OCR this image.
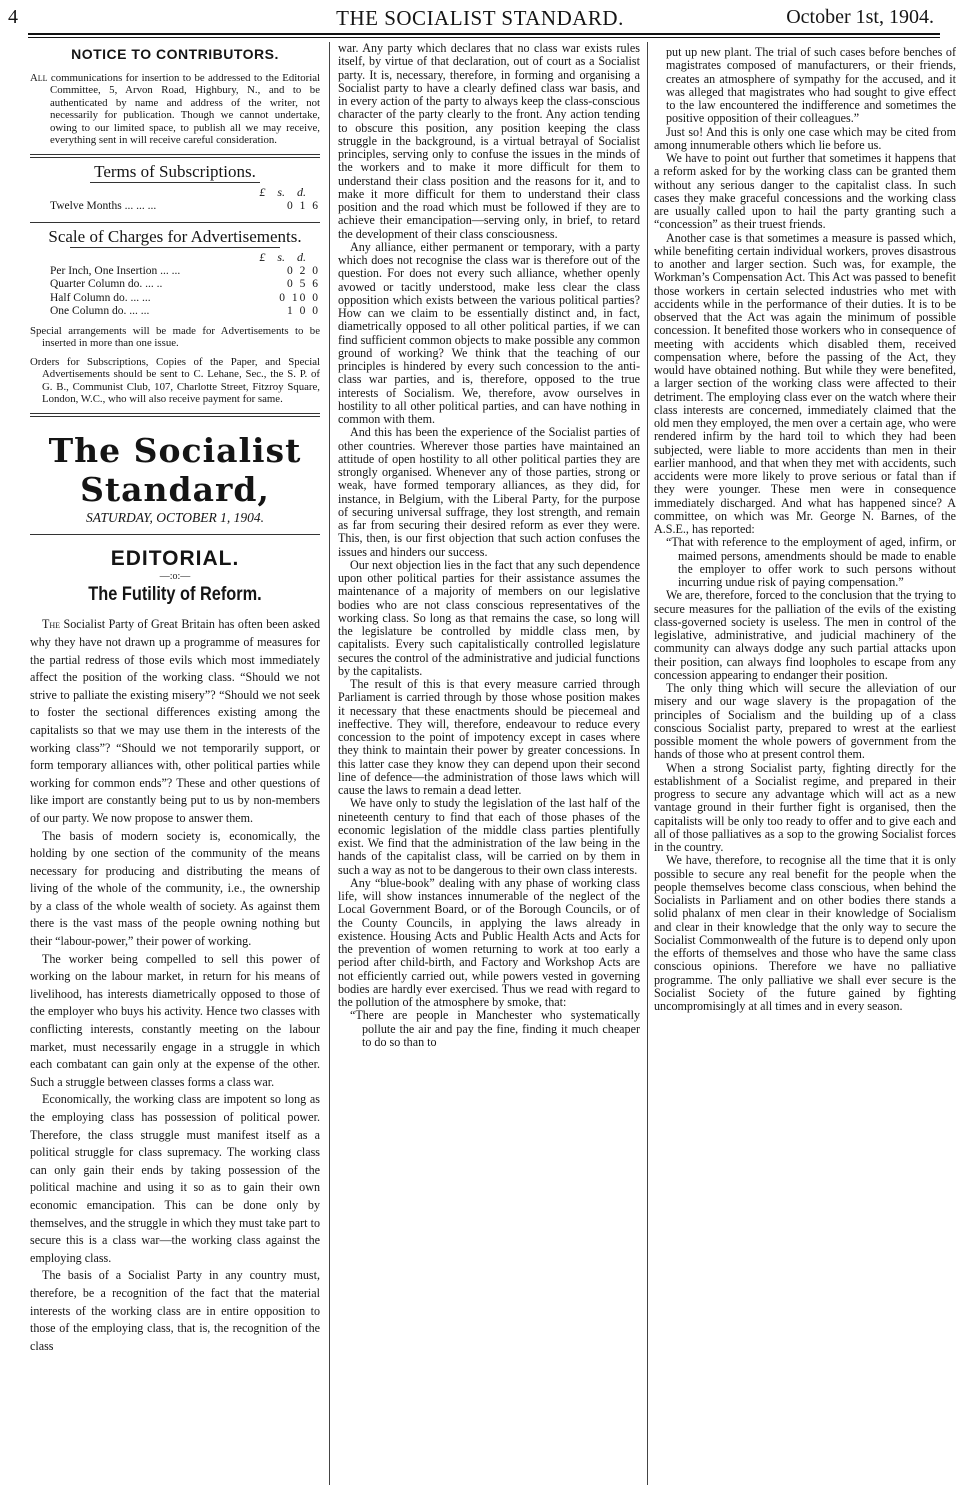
4	THE SOCIALIST STANDARD.	October 1st, 1904.
NOTICE TO CONTRIBUTORS.

All communications for insertion to be addressed to the Editorial Committee, 5, Arvon Road, Highbury, N., and to be authenticated by name and address of the writer, not necessarily for publication. Though we cannot undertake, owing to our limited space, to publish all we may receive, everything sent in will receive careful consideration.

Terms of Subscriptions.
£ s. d.
Twelve Months ... ... ...	0 1 6
Scale of Charges for Advertisements.
£ s. d.
Per Inch, One Insertion ... ...	0 2 0
Quarter Column do. ... ..	0 5 6
Half Column do. ... ...	0 10 0
One Column do. ... ...	1 0 0

Special arrangements will be made for Advertisements to be inserted in more than one issue.

Orders for Subscriptions, Copies of the Paper, and Special Advertisements should be sent to C. Lehane, Sec., the S. P. of G. B., Communist Club, 107, Charlotte Street, Fitzroy Square, London, W.C., who will also receive payment for same.

The Socialist Standard,
SATURDAY, OCTOBER 1, 1904.
EDITORIAL.
—:o:—
The Futility of Reform.

The Socialist Party of Great Britain has often been asked why they have not drawn up a programme of measures for the partial redress of those evils which most immediately affect the position of the working class. “Should we not strive to palliate the existing misery”? “Should we not seek to foster the sectional differences existing among the capitalists so that we may use them in the interests of the working class”? “Should we not temporarily support, or form temporary alliances with, other political parties while working for common ends”? These and other questions of like import are constantly being put to us by non-members of our party. We now propose to answer them.

The basis of modern society is, economically, the holding by one section of the community of the means necessary for producing and distributing the means of living of the whole of the community, i.e., the ownership by a class of the whole wealth of society. As against them there is the vast mass of the people owning nothing but their “labour-power,” their power of working.

The worker being compelled to sell this power of working on the labour market, in return for his means of livelihood, has interests diametrically opposed to those of the employer who buys his activity. Hence two classes with conflicting interests, constantly meeting on the labour market, must necessarily engage in a struggle in which each combatant can gain only at the expense of the other. Such a struggle between classes forms a class war.

Economically, the working class are impotent so long as the employing class has possession of political power. Therefore, the class struggle must manifest itself as a political struggle for class supremacy. The working class can only gain their ends by taking possession of the political machine and using it so as to gain their own economic emancipation. This can be done only by themselves, and the struggle in which they must take part to secure this is a class war—the working class against the employing class.

The basis of a Socialist Party in any country must, therefore, be a recognition of the fact that the material interests of the working class are in entire opposition to those of the employing class, that is, the recognition of the class

war. Any party which declares that no class war exists rules itself, by virtue of that declaration, out of court as a Socialist party. It is, necessary, therefore, in forming and organising a Socialist party to have a clearly defined class war basis, and in every action of the party to always keep the class-conscious character of the party clearly to the front. Any action tending to obscure this position, any position keeping the class struggle in the background, is a virtual betrayal of Socialist principles, serving only to confuse the issues in the minds of the workers and to make it more difficult for them to understand their class position and the reasons for it, and to make it more difficult for them to understand their class position and the road which must be followed if they are to achieve their emancipation—serving only, in brief, to retard the development of their class consciousness.

Any alliance, either permanent or temporary, with a party which does not recognise the class war is therefore out of the question. For does not every such alliance, whether openly avowed or tacitly understood, make less clear the class opposition which exists between the various political parties? How can we claim to be essentially distinct and, in fact, diametrically opposed to all other political parties, if we can find sufficient common objects to make possible any common ground of working? We think that the teaching of our principles is hindered by every such concession to the anti-class war parties, and is, therefore, opposed to the true interests of Socialism. We, therefore, avow ourselves in hostility to all other political parties, and can have nothing in common with them.

And this has been the experience of the Socialist parties of other countries. Wherever those parties have maintained an attitude of open hostility to all other political parties they are strongly organised. Whenever any of those parties, strong or weak, have formed temporary alliances, as they did, for instance, in Belgium, with the Liberal Party, for the purpose of securing universal suffrage, they lost strength, and remain as far from securing their desired reform as ever they were. This, then, is our first objection that such action confuses the issues and hinders our success.

Our next objection lies in the fact that any such dependence upon other political parties for their assistance assumes the maintenance of a majority of members on our legislative bodies who are not class conscious representatives of the working class. So long as that remains the case, so long will the legislature be controlled by middle class men, by capitalists. Every such capitalistically controlled legislature secures the control of the administrative and judicial functions by the capitalists.

The result of this is that every measure carried through Parliament is carried through by those whose position makes it necessary that these enactments should be piecemeal and ineffective. They will, therefore, endeavour to reduce every concession to the point of impotency except in cases where they think to maintain their power by greater concessions. In this latter case they know they can depend upon their second line of defence—the administration of those laws which will cause the laws to remain a dead letter.

We have only to study the legislation of the last half of the nineteenth century to find that each of those phases of the economic legislation of the middle class parties plentifully exist. We find that the administration of the law being in the hands of the capitalist class, will be carried on by them in such a way as not to be dangerous to their own class interests.

Any “blue-book” dealing with any phase of working class life, will show instances innumerable of the neglect of the Local Government Board, or of the Borough Councils, or of the County Councils, in applying the laws already in existence. Housing Acts and Public Health Acts and Acts for the prevention of women returning to work at too early a period after child-birth, and Factory and Workshop Acts are not efficiently carried out, while powers vested in governing bodies are hardly ever exercised. Thus we read with regard to the pollution of the atmosphere by smoke, that:

“There are people in Manchester who systematically pollute the air and pay the fine, finding it much cheaper to do so than to

put up new plant. The trial of such cases before benches of magistrates composed of manufacturers, or their friends, creates an atmosphere of sympathy for the accused, and it was alleged that magistrates who had sought to give effect to the law encountered the indifference and sometimes the positive opposition of their colleagues.”

Just so! And this is only one case which may be cited from among innumerable others which lie before us.

We have to point out further that sometimes it happens that a reform asked for by the working class can be granted them without any serious danger to the capitalist class. In such cases they make graceful concessions and the working class are usually called upon to hail the party granting such a “concession” as their truest friends.

Another case is that sometimes a measure is passed which, while benefiting certain individual workers, proves disastrous to another and larger section. Such was, for example, the Workman’s Compensation Act. This Act was passed to benefit those workers in certain selected industries who met with accidents while in the performance of their duties. It is to be observed that the Act was again the minimum of possible concession. It benefited those workers who in consequence of meeting with accidents which disabled them, received compensation where, before the passing of the Act, they would have obtained nothing. But while they were benefited, a larger section of the working class were affected to their detriment. The employing class ever on the watch where their class interests are concerned, immediately claimed that the old men they employed, the men over a certain age, who were rendered infirm by the hard toil to which they had been subjected, were liable to more accidents than men in their earlier manhood, and that when they met with accidents, such accidents were more likely to prove serious or fatal than if they were younger. These men were in consequence immediately discharged. And what has happened since? A committee, on which was Mr. George N. Barnes, of the A.S.E., has reported:

“That with reference to the employment of aged, infirm, or maimed persons, amendments should be made to enable the employer to offer work to such persons without incurring undue risk of paying compensation.”

We are, therefore, forced to the conclusion that the trying to secure measures for the palliation of the evils of the existing class-governed society is useless. The men in control of the legislative, administrative, and judicial machinery of the community can always dodge any such partial attacks upon their position, can always find loopholes to escape from any concession appearing to endanger their position.

The only thing which will secure the alleviation of our misery and our wage slavery is the propagation of the principles of Socialism and the building up of a class conscious Socialist party, prepared to wrest at the earliest possible moment the whole powers of government from the hands of those who at present control them.

When a strong Socialist party, fighting directly for the establishment of a Socialist regime, and prepared in their progress to secure any advantage which will act as a new vantage ground in their further fight is organised, then the capitalists will be only too ready to offer and to give each and all of those palliatives as a sop to the growing Socialist forces in the country.

We have, therefore, to recognise all the time that it is only possible to secure any real benefit for the people when the people themselves become class conscious, when behind the Socialists in Parliament and on other bodies there stands a solid phalanx of men clear in their knowledge of Socialism and clear in their knowledge that the only way to secure the Socialist Commonwealth of the future is to depend only upon the efforts of themselves and those who have the same class conscious opinions. Therefore we have no palliative programme. The only palliative we shall ever secure is the Socialist Society of the future gained by fighting uncompromisingly at all times and in every season.
